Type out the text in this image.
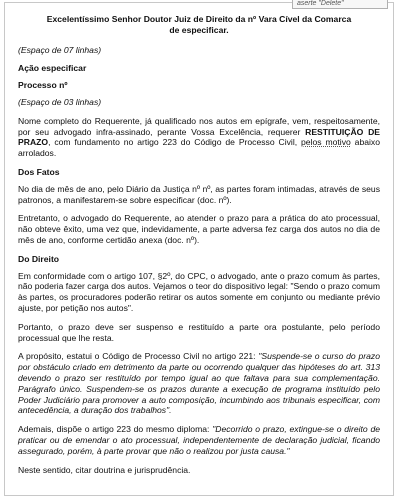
aserte "Delete"
Excelentíssimo Senhor Doutor Juiz de Direito da nº Vara Cível da Comarca
de especificar.

(Espaço de 07 linhas)

Ação especificar

Processo nº

(Espaço de 03 linhas)

Nome completo do Requerente, já qualificado nos autos em epígrafe, vem, respeitosamente, por seu advogado infra-assinado, perante Vossa Excelência, requerer RESTITUIÇÃO DE PRAZO, com fundamento no artigo 223 do Código de Processo Civil, pelos motivo abaixo arrolados.

Dos Fatos

No dia de mês de ano, pelo Diário da Justiça nº nº, as partes foram intimadas, através de seus patronos, a manifestarem-se sobre especificar (doc. nº).

Entretanto, o advogado do Requerente, ao atender o prazo para a prática do ato processual, não obteve êxito, uma vez que, indevidamente, a parte adversa fez carga dos autos no dia de mês de ano, conforme certidão anexa (doc. nº).

Do Direito

Em conformidade com o artigo 107, §2º, do CPC, o advogado, ante o prazo comum às partes, não poderia fazer carga dos autos. Vejamos o teor do dispositivo legal: "Sendo o prazo comum às partes, os procuradores poderão retirar os autos somente em conjunto ou mediante prévio ajuste, por petição nos autos".

Portanto, o prazo deve ser suspenso e restituído a parte ora postulante, pelo período processual que lhe resta.

A propósito, estatui o Código de Processo Civil no artigo 221: "Suspende-se o curso do prazo por obstáculo criado em detrimento da parte ou ocorrendo qualquer das hipóteses do art. 313 devendo o prazo ser restituído por tempo igual ao que faltava para sua complementação. Parágrafo único. Suspendem-se os prazos durante a execução de programa instituído pelo Poder Judiciário para promover a auto composição, incumbindo aos tribunais especificar, com antecedência, a duração dos trabalhos".

Ademais, dispõe o artigo 223 do mesmo diploma: "Decorrido o prazo, extingue-se o direito de praticar ou de emendar o ato processual, independentemente de declaração judicial, ficando assegurado, porém, à parte provar que não o realizou por justa causa."

Neste sentido, citar doutrina e jurisprudência.
